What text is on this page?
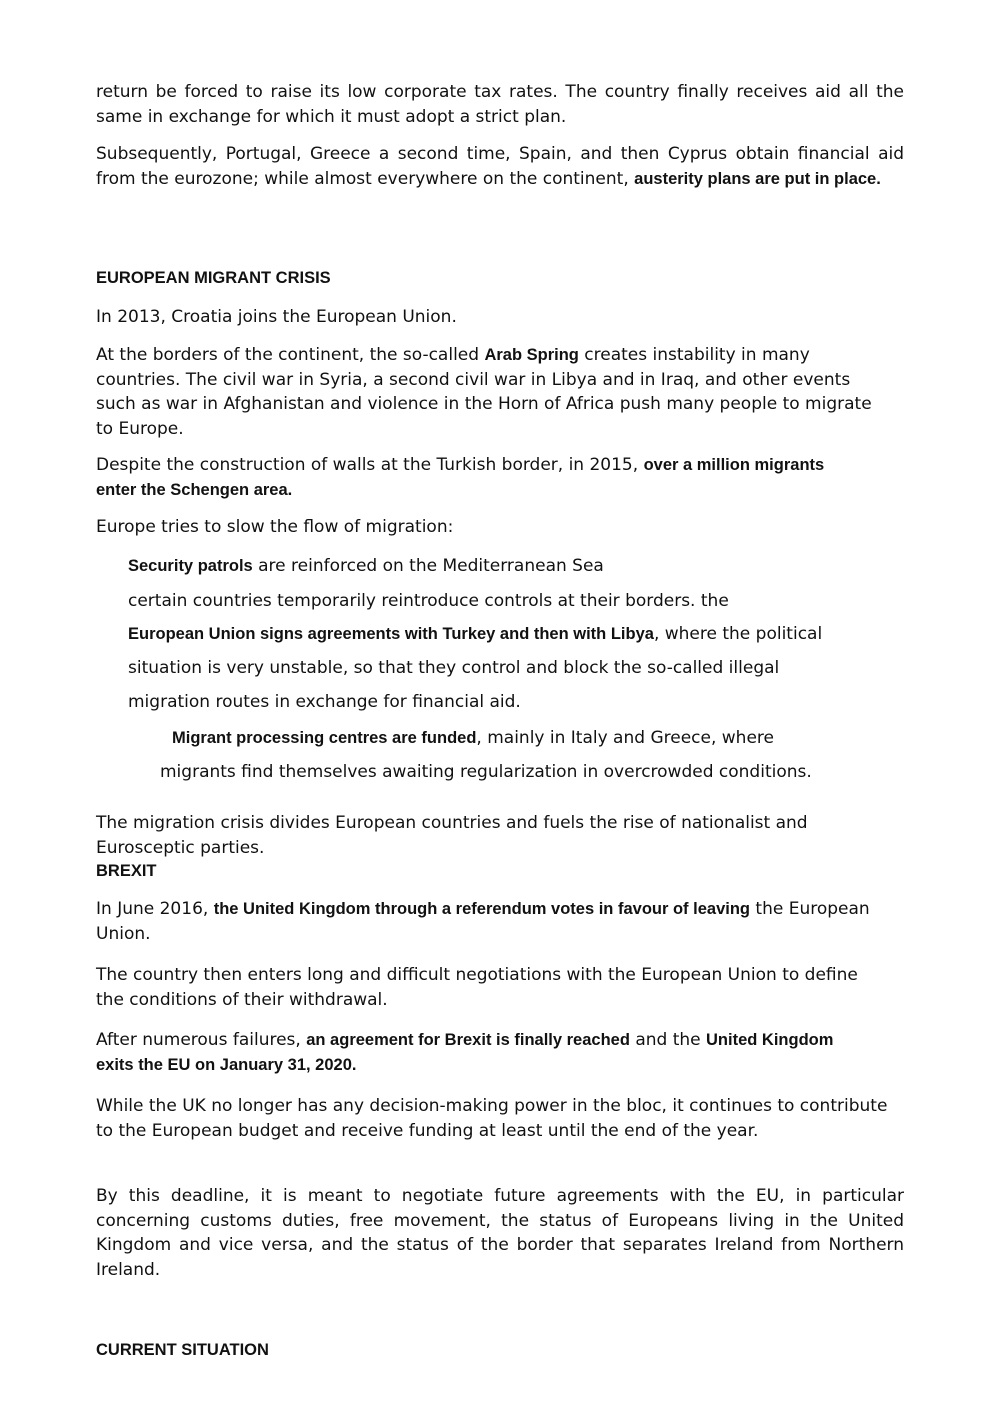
return be forced to raise its low corporate tax rates. The country finally receives aid all the same in exchange for which it must adopt a strict plan.

Subsequently, Portugal, Greece a second time, Spain, and then Cyprus obtain financial aid from the eurozone; while almost everywhere on the continent, austerity plans are put in place.

EUROPEAN MIGRANT CRISIS

In 2013, Croatia joins the European Union.

At the borders of the continent, the so-called Arab Spring creates instability in many countries. The civil war in Syria, a second civil war in Libya and in Iraq, and other events such as war in Afghanistan and violence in the Horn of Africa push many people to migrate to Europe.

Despite the construction of walls at the Turkish border, in 2015, over a million migrants enter the Schengen area.

Europe tries to slow the flow of migration:

Security patrols are reinforced on the Mediterranean Sea
certain countries temporarily reintroduce controls at their borders. the
European Union signs agreements with Turkey and then with Libya, where the political
situation is very unstable, so that they control and block the so-called illegal
migration routes in exchange for financial aid.
Migrant processing centres are funded, mainly in Italy and Greece, where
migrants find themselves awaiting regularization in overcrowded conditions.

The migration crisis divides European countries and fuels the rise of nationalist and Eurosceptic parties.

BREXIT

In June 2016, the United Kingdom through a referendum votes in favour of leaving the European Union.

The country then enters long and difficult negotiations with the European Union to define the conditions of their withdrawal.

After numerous failures, an agreement for Brexit is finally reached and the United Kingdom exits the EU on January 31, 2020.

While the UK no longer has any decision-making power in the bloc, it continues to contribute to the European budget and receive funding at least until the end of the year.

By this deadline, it is meant to negotiate future agreements with the EU, in particular concerning customs duties, free movement, the status of Europeans living in the United Kingdom and vice versa, and the status of the border that separates Ireland from Northern Ireland.

CURRENT SITUATION
